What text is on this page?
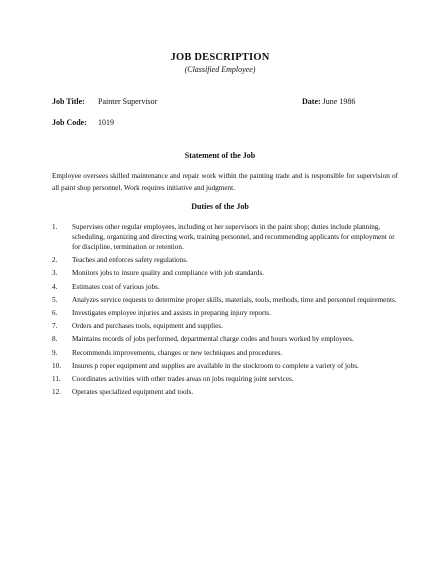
JOB DESCRIPTION
(Classified Employee)
Job Title: Painter Supervisor	Date: June 1986
Job Code: 1019
Statement of the Job
Employee oversees skilled maintenance and repair work within the painting trade and is responsible for supervision of all paint shop personnel. Work requires initiative and judgment.
Duties of the Job
1. Supervises other regular employees, including ot her supervisors in the paint shop; duties include planning, scheduling, organizing and directing work, training personnel, and recommending applicants for employment or for discipline, termination or retention.
2. Teaches and enforces safety regulations.
3. Monitors jobs to insure quality and compliance with job standards.
4. Estimates cost of various jobs.
5. Analyzes service requests to determine proper skills, materials, tools, methods, time and personnel requirements.
6. Investigates employee injuries and assists in preparing injury reports.
7. Orders and purchases tools, equipment and supplies.
8. Maintains records of jobs performed, departmental charge codes and hours worked by employees.
9. Recommends improvements, changes or new techniques and procedures.
10. Insures p roper equipment and supplies are available in the stockroom to complete a variety of jobs.
11. Coordinates activities with other trades areas on jobs requiring joint services.
12. Operates specialized equipment and tools.
